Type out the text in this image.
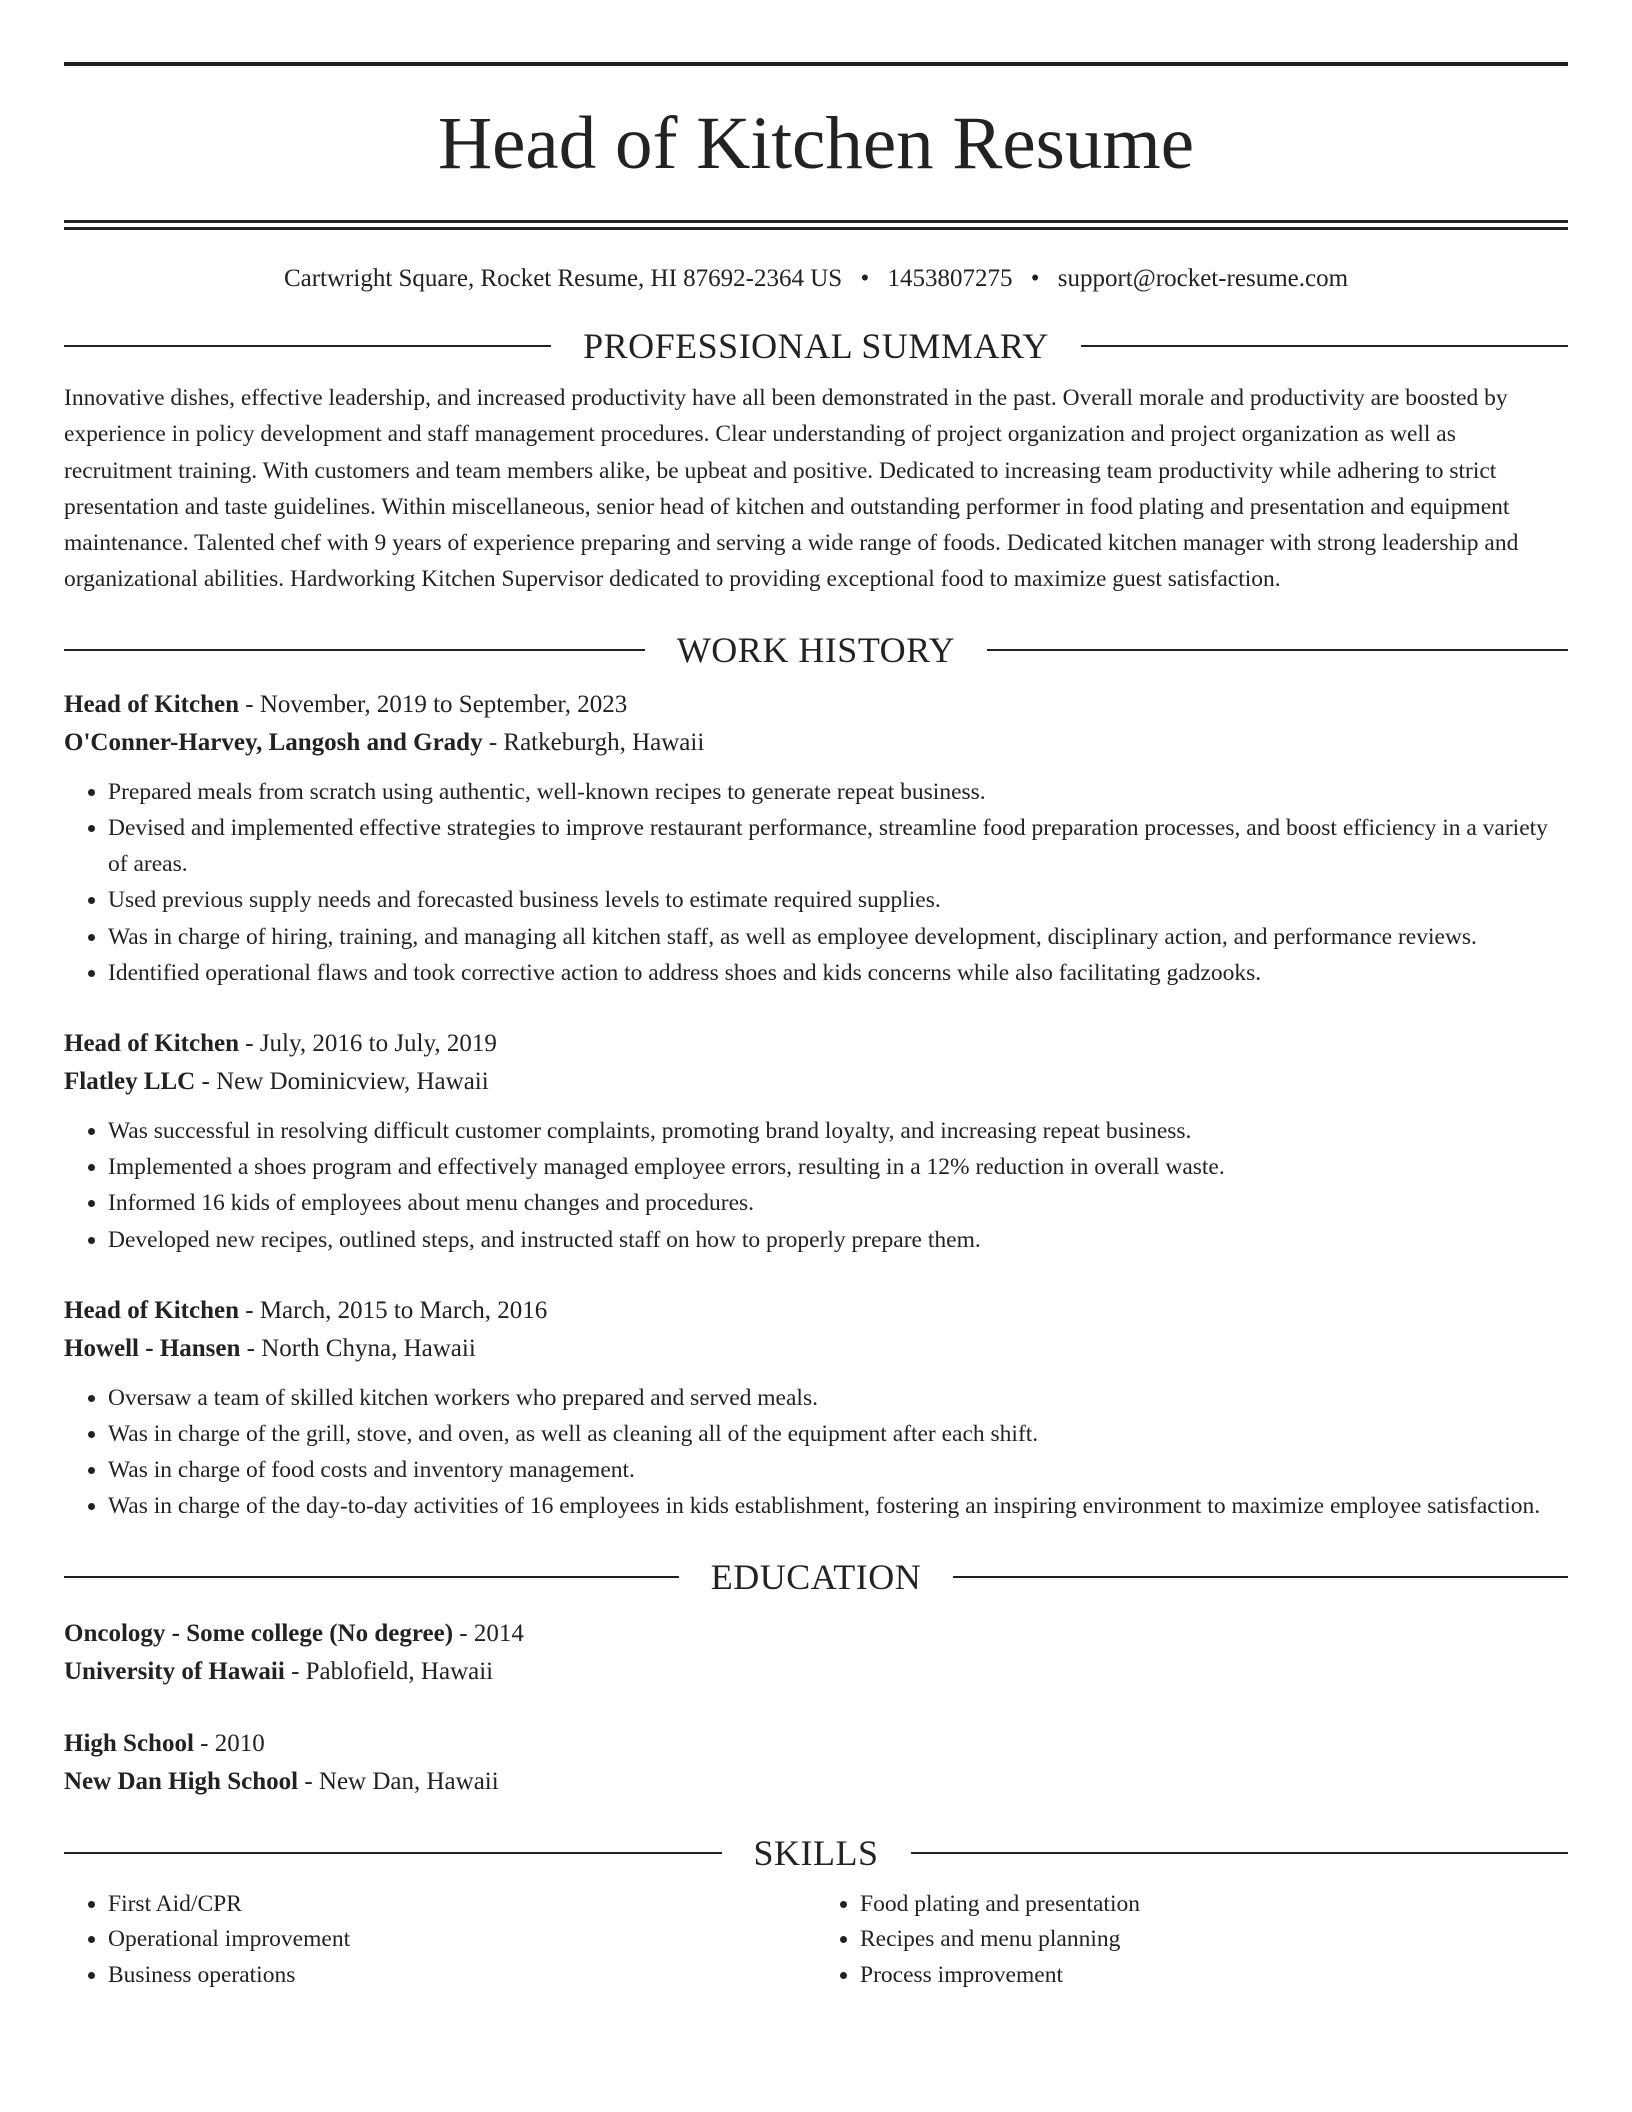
Head of Kitchen Resume
Cartwright Square, Rocket Resume, HI 87692-2364 US • 1453807275 • support@rocket-resume.com
PROFESSIONAL SUMMARY

Innovative dishes, effective leadership, and increased productivity have all been demonstrated in the past. Overall morale and productivity are boosted by experience in policy development and staff management procedures. Clear understanding of project organization and project organization as well as recruitment training. With customers and team members alike, be upbeat and positive. Dedicated to increasing team productivity while adhering to strict presentation and taste guidelines. Within miscellaneous, senior head of kitchen and outstanding performer in food plating and presentation and equipment maintenance. Talented chef with 9 years of experience preparing and serving a wide range of foods. Dedicated kitchen manager with strong leadership and organizational abilities. Hardworking Kitchen Supervisor dedicated to providing exceptional food to maximize guest satisfaction.

WORK HISTORY
Head of Kitchen - November, 2019 to September, 2023
O'Conner-Harvey, Langosh and Grady - Ratkeburgh, Hawaii
• Prepared meals from scratch using authentic, well-known recipes to generate repeat business.
• Devised and implemented effective strategies to improve restaurant performance, streamline food preparation processes, and boost efficiency in a variety of areas.
• Used previous supply needs and forecasted business levels to estimate required supplies.
• Was in charge of hiring, training, and managing all kitchen staff, as well as employee development, disciplinary action, and performance reviews.
• Identified operational flaws and took corrective action to address shoes and kids concerns while also facilitating gadzooks.
Head of Kitchen - July, 2016 to July, 2019
Flatley LLC - New Dominicview, Hawaii
• Was successful in resolving difficult customer complaints, promoting brand loyalty, and increasing repeat business.
• Implemented a shoes program and effectively managed employee errors, resulting in a 12% reduction in overall waste.
• Informed 16 kids of employees about menu changes and procedures.
• Developed new recipes, outlined steps, and instructed staff on how to properly prepare them.
Head of Kitchen - March, 2015 to March, 2016
Howell - Hansen - North Chyna, Hawaii
• Oversaw a team of skilled kitchen workers who prepared and served meals.
• Was in charge of the grill, stove, and oven, as well as cleaning all of the equipment after each shift.
• Was in charge of food costs and inventory management.
• Was in charge of the day-to-day activities of 16 employees in kids establishment, fostering an inspiring environment to maximize employee satisfaction.
EDUCATION
Oncology - Some college (No degree) - 2014
University of Hawaii - Pablofield, Hawaii
High School - 2010
New Dan High School - New Dan, Hawaii
SKILLS
• First Aid/CPR
• Operational improvement
• Business operations
• Food plating and presentation
• Recipes and menu planning
• Process improvement
